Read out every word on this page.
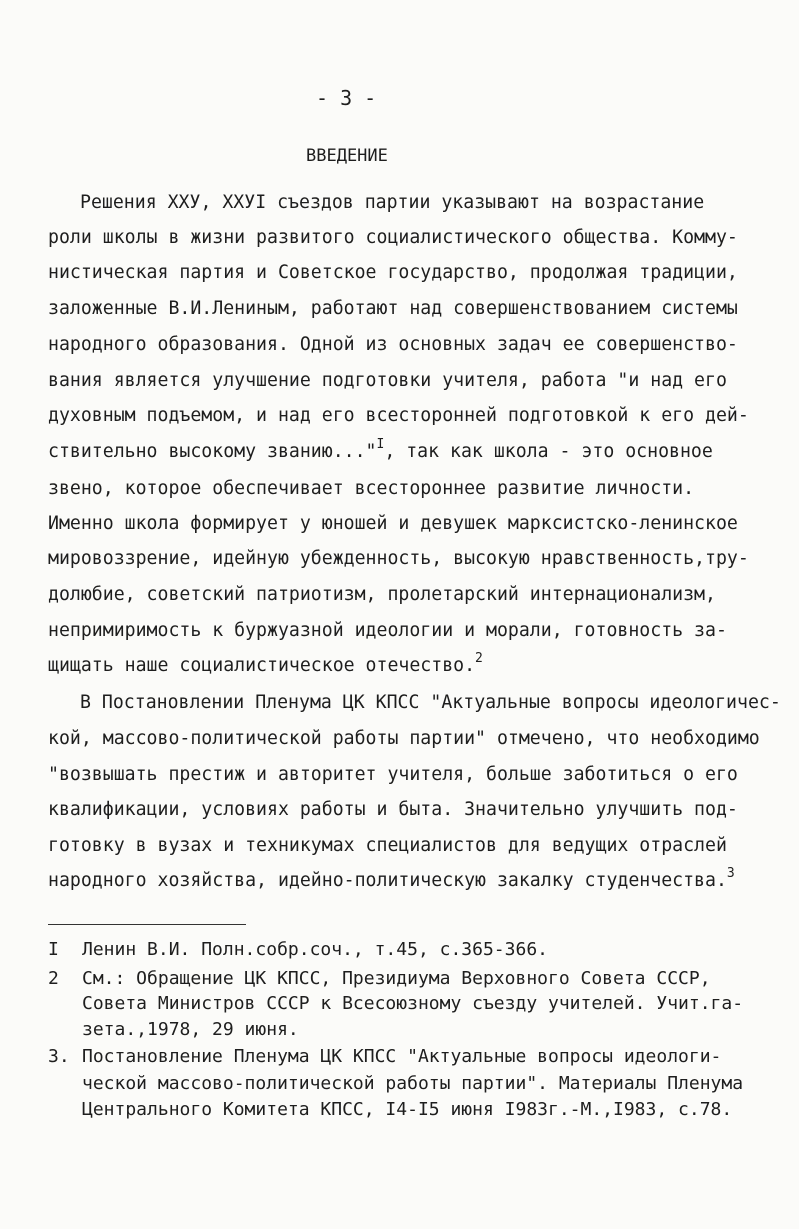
- 3 -
ВВЕДЕНИЕ
Решения XXУ, XXУI съездов партии указывают на возрастание
роли школы в жизни развитого социалистического общества. Комму-
нистическая партия и Советское государство, продолжая традиции,
заложенные В.И.Лениным, работают над совершенствованием системы
народного образования. Одной из основных задач ее совершенство-
вания является улучшение подготовки учителя, работа "и над его
духовным подъемом, и над его всесторонней подготовкой к его дей-
ствительно высокому званию..."$^I$, так как школа - это основное
звено, которое обеспечивает всестороннее развитие личности.
Именно школа формирует у юношей и девушек марксистско-ленинское
мировоззрение, идейную убежденность, высокую нравственность,тру-
долюбие, советский патриотизм, пролетарский интернационализм,
непримиримость к буржуазной идеологии и морали, готовность за-
щищать наше социалистическое отечество.$^2$
В Постановлении Пленума ЦК КПСС "Актуальные вопросы идеологичес-
кой, массово-политической работы партии" отмечено, что необходимо
"возвышать престиж и авторитет учителя, больше заботиться о его
квалификации, условиях работы и быта. Значительно улучшить под-
готовку в вузах и техникумах специалистов для ведущих отраслей
народного хозяйства, идейно-политическую закалку студенчества.$^3$
I Ленин В.И. Полн.собр.соч., т.45, с.365-366.
2 См.: Обращение ЦК КПСС, Президиума Верховного Совета СССР,
Совета Министров СССР к Всесоюзному съезду учителей. Учит.га-
зета.,1978, 29 июня.
3. Постановление Пленума ЦК КПСС "Актуальные вопросы идеологи-
ческой массово-политической работы партии". Материалы Пленума
Центрального Комитета КПСС, I4-I5 июня I983г.-М.,I983, с.78.
